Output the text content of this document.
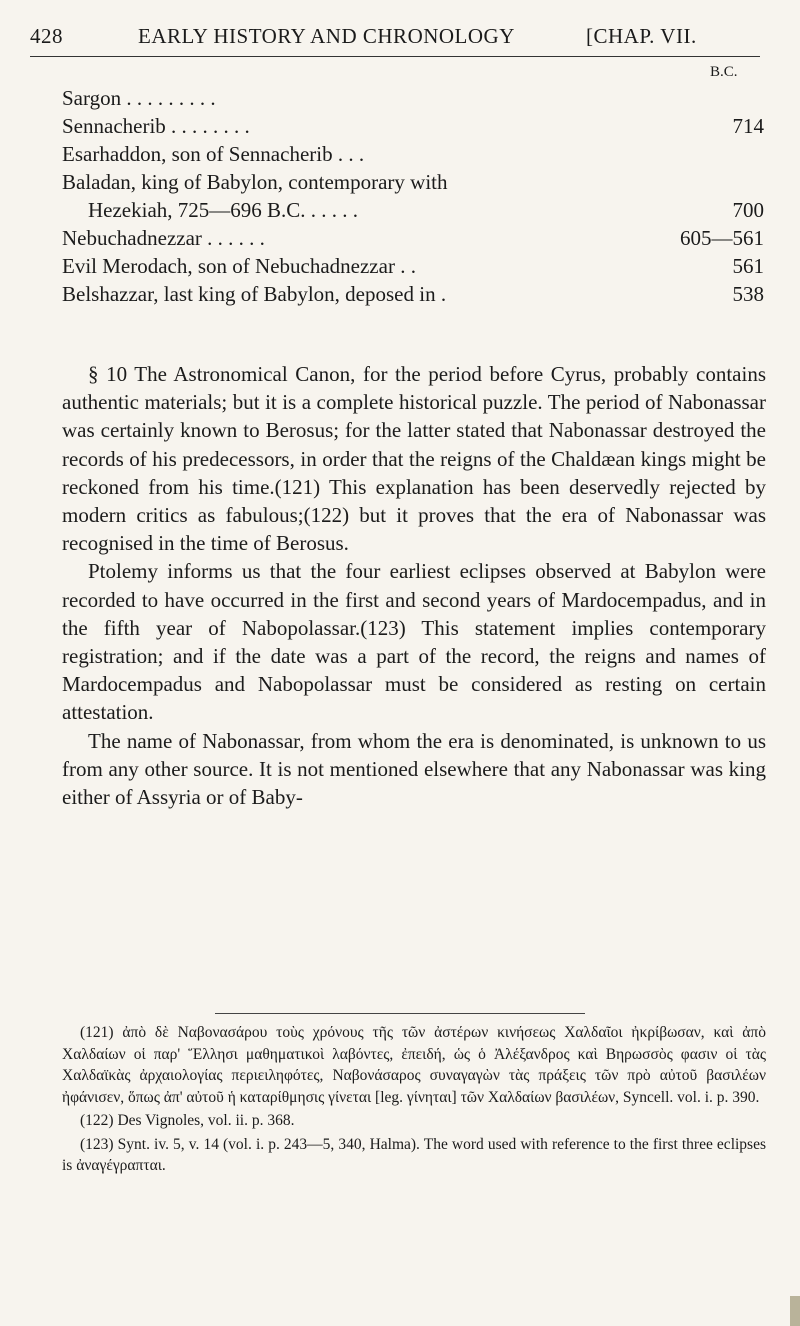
428	EARLY HISTORY AND CHRONOLOGY	[CHAP. VII.
B.C.
Sargon . . . . . . . . .
Sennacherib . . . . . . . .	714
Esarhaddon, son of Sennacherib . . .
Baladan, king of Babylon, contemporary with
Hezekiah, 725—696 B.C. . . . . .	700
Nebuchadnezzar . . . . . .	605—561
Evil Merodach, son of Nebuchadnezzar . .	561
Belshazzar, last king of Babylon, deposed in .	538

§ 10 The Astronomical Canon, for the period before Cyrus, probably contains authentic materials; but it is a complete historical puzzle. The period of Nabonassar was certainly known to Berosus; for the latter stated that Nabonassar destroyed the records of his predecessors, in order that the reigns of the Chaldæan kings might be reckoned from his time.(121) This explanation has been deservedly rejected by modern critics as fabulous;(122) but it proves that the era of Nabonassar was recognised in the time of Berosus.

Ptolemy informs us that the four earliest eclipses observed at Babylon were recorded to have occurred in the first and second years of Mardocempadus, and in the fifth year of Nabopolassar.(123) This statement implies contemporary registration; and if the date was a part of the record, the reigns and names of Mardocempadus and Nabopolassar must be considered as resting on certain attestation.

The name of Nabonassar, from whom the era is denominated, is unknown to us from any other source. It is not mentioned elsewhere that any Nabonassar was king either of Assyria or of Baby-

(121) ἀπὸ δὲ Ναβονασάρου τοὺς χρόνους τῆς τῶν ἀστέρων κινήσεως Χαλδαῖοι ἠκρίβωσαν, καὶ ἀπὸ Χαλδαίων οἱ παρ' Ἕλλησι μαθηματικοὶ λαβόντες, ἐπειδή, ὡς ὁ Ἀλέξανδρος καὶ Βηρωσσὸς φασιν οἱ τὰς Χαλδαϊκὰς ἀρχαιολογίας περιειληφότες, Ναβονάσαρος συναγαγὼν τὰς πράξεις τῶν πρὸ αὐτοῦ βασιλέων ἠφάνισεν, ὅπως ἀπ' αὐτοῦ ἡ καταρίθμησις γίνεται [leg. γίνηται] τῶν Χαλδαίων βασιλέων, Syncell. vol. i. p. 390.

(122) Des Vignoles, vol. ii. p. 368.

(123) Synt. iv. 5, v. 14 (vol. i. p. 243—5, 340, Halma). The word used with reference to the first three eclipses is ἀναγέγραπται.
